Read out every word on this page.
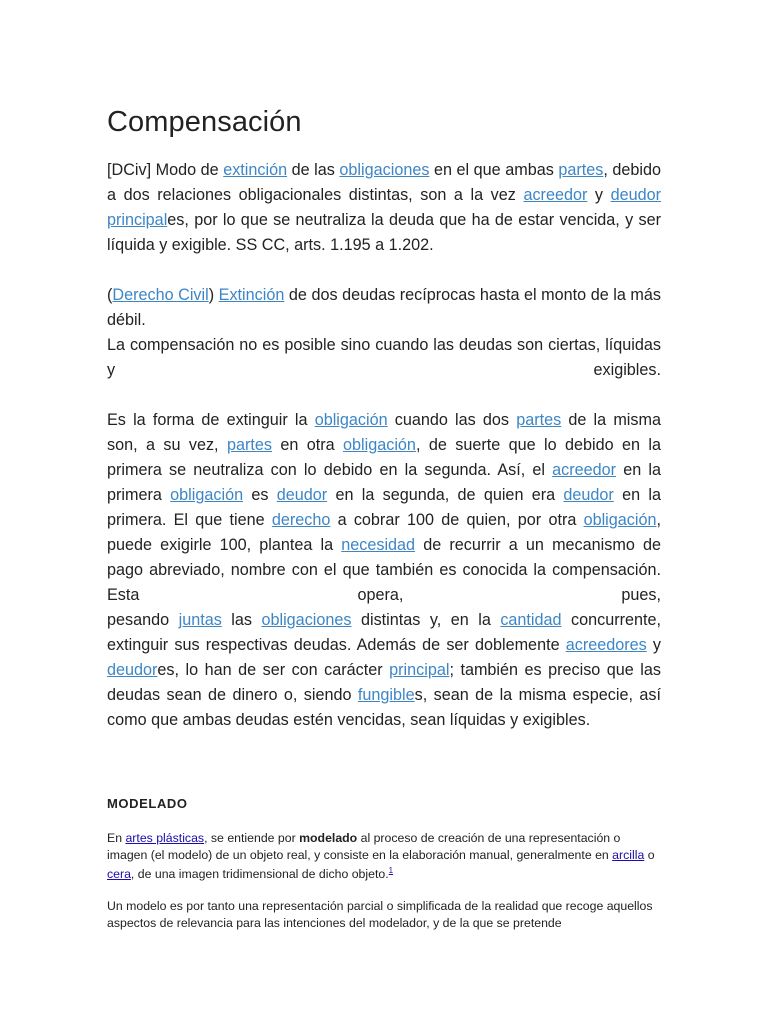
Compensación

[DCiv] Modo de extinción de las obligaciones en el que ambas partes, debido a dos relaciones obligacionales distintas, son a la vez acreedor y deudor principales, por lo que se neutraliza la deuda que ha de estar vencida, y ser líquida y exigible. SS CC, arts. 1.195 a 1.202.

(Derecho Civil) Extinción de dos deudas recíprocas hasta el monto de la más débil.

La compensación no es posible sino cuando las deudas son ciertas, líquidas y exigibles.

Es la forma de extinguir la obligación cuando las dos partes de la misma son, a su vez, partes en otra obligación, de suerte que lo debido en la primera se neutraliza con lo debido en la segunda. Así, el acreedor en la primera obligación es deudor en la segunda, de quien era deudor en la primera. El que tiene derecho a cobrar 100 de quien, por otra obligación, puede exigirle 100, plantea la necesidad de recurrir a un mecanismo de pago abreviado, nombre con el que también es conocida la compensación. Esta opera, pues,

pesando juntas las obligaciones distintas y, en la cantidad concurrente, extinguir sus respectivas deudas. Además de ser doblemente acreedores y deudores, lo han de ser con carácter principal; también es preciso que las deudas sean de dinero o, siendo fungibles, sean de la misma especie, así como que ambas deudas estén vencidas, sean líquidas y exigibles.

MODELADO

En artes plásticas, se entiende por modelado al proceso de creación de una representación o imagen (el modelo) de un objeto real, y consiste en la elaboración manual, generalmente en arcilla o cera, de una imagen tridimensional de dicho objeto.$^1$

Un modelo es por tanto una representación parcial o simplificada de la realidad que recoge aquellos aspectos de relevancia para las intenciones del modelador, y de la que se pretende
